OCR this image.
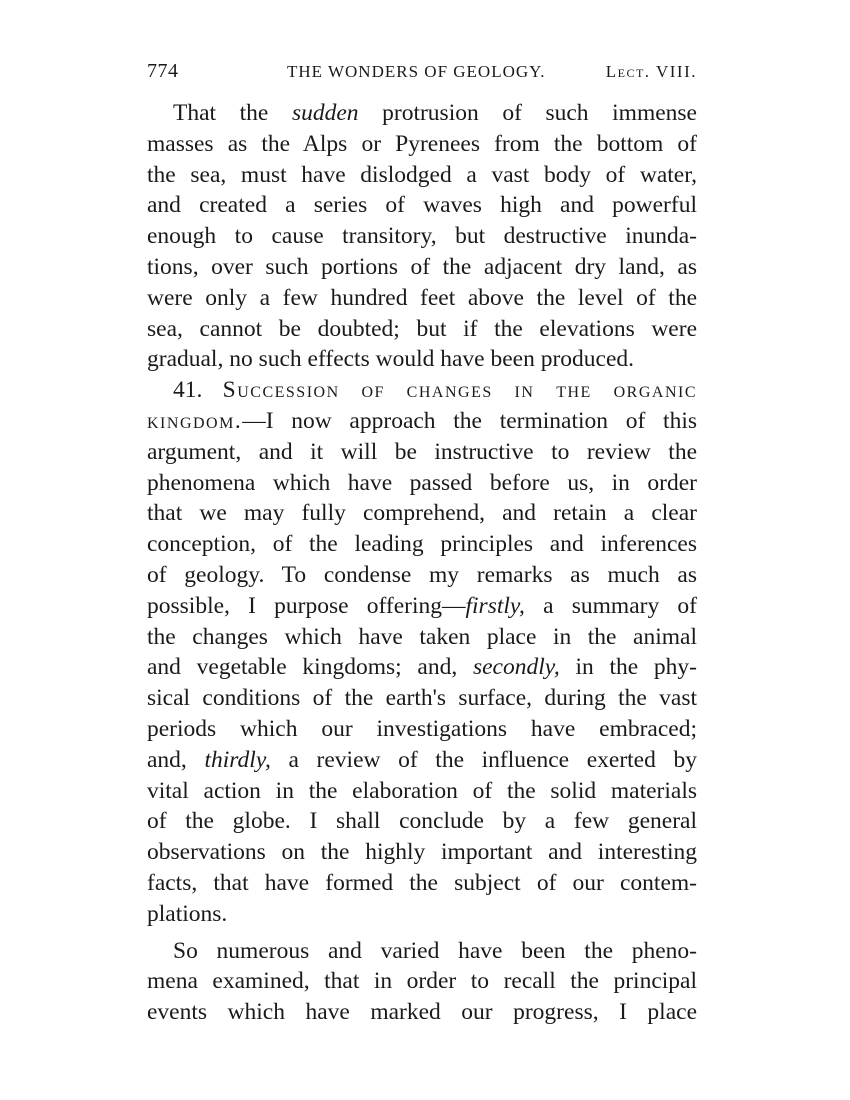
774	THE WONDERS OF GEOLOGY.	Lect. VIII.
That the sudden protrusion of such immense
masses as the Alps or Pyrenees from the bottom of
the sea, must have dislodged a vast body of water,
and created a series of waves high and powerful
enough to cause transitory, but destructive inunda-
tions, over such portions of the adjacent dry land, as
were only a few hundred feet above the level of the
sea, cannot be doubted; but if the elevations were
gradual, no such effects would have been produced.
41. Succession of changes in the organic
kingdom.—I now approach the termination of this
argument, and it will be instructive to review the
phenomena which have passed before us, in order
that we may fully comprehend, and retain a clear
conception, of the leading principles and inferences
of geology. To condense my remarks as much as
possible, I purpose offering—firstly, a summary of
the changes which have taken place in the animal
and vegetable kingdoms; and, secondly, in the phy-
sical conditions of the earth's surface, during the vast
periods which our investigations have embraced;
and, thirdly, a review of the influence exerted by
vital action in the elaboration of the solid materials
of the globe. I shall conclude by a few general
observations on the highly important and interesting
facts, that have formed the subject of our contem-
plations.
So numerous and varied have been the pheno-
mena examined, that in order to recall the principal
events which have marked our progress, I place
